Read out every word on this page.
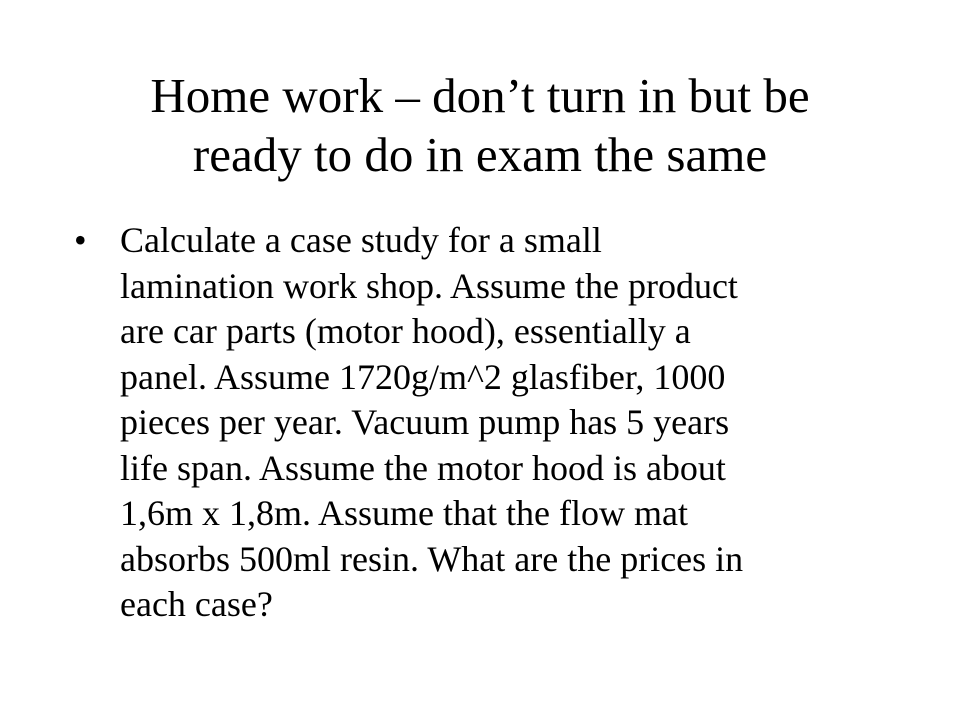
Home work – don’t turn in but be
ready to do in exam the same
• Calculate a case study for a small
lamination work shop. Assume the product
are car parts (motor hood), essentially a
panel. Assume 1720g/m^2 glasfiber, 1000
pieces per year. Vacuum pump has 5 years
life span. Assume the motor hood is about
1,6m x 1,8m. Assume that the flow mat
absorbs 500ml resin. What are the prices in
each case?
